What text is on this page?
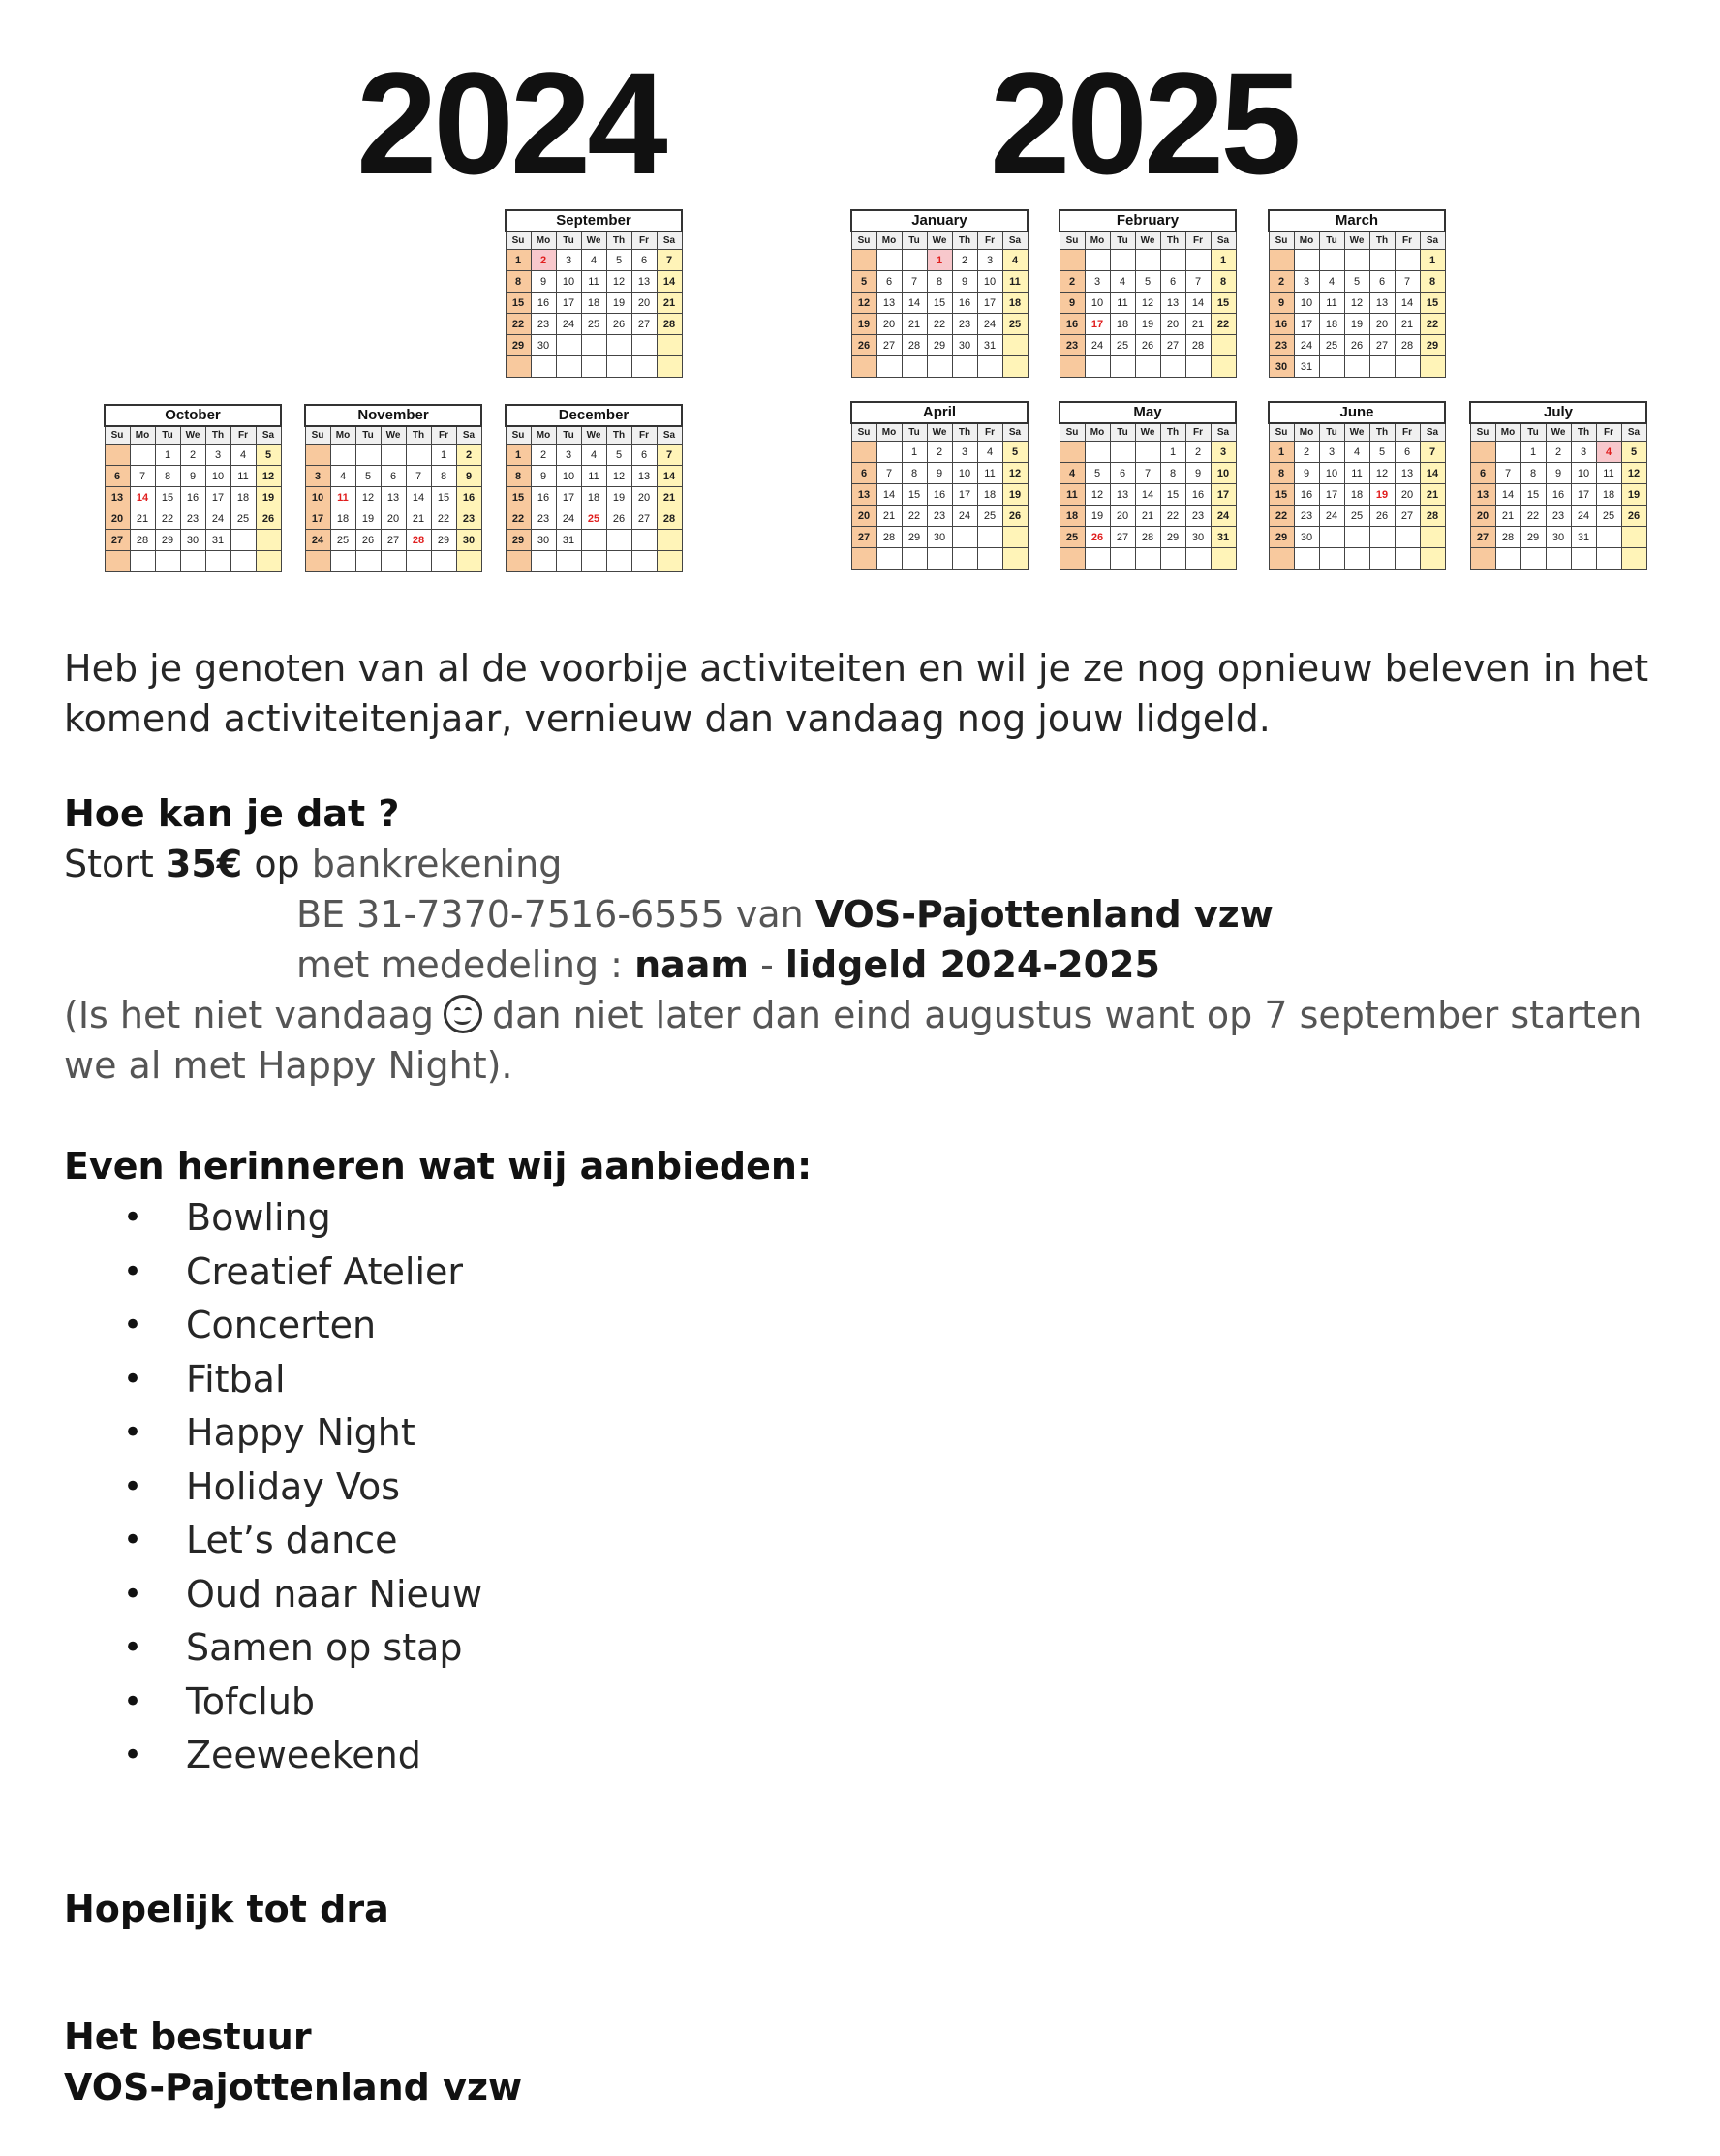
2024 2025
September						
Su	Mo	Tu	We	Th	Fr	Sa
1	2	3	4	5	6	7
8	9	10	11	12	13	14
15	16	17	18	19	20	21
22	23	24	25	26	27	28
29	30					

October						
Su	Mo	Tu	We	Th	Fr	Sa
		1	2	3	4	5
6	7	8	9	10	11	12
13	14	15	16	17	18	19
20	21	22	23	24	25	26
27	28	29	30	31		

November						
Su	Mo	Tu	We	Th	Fr	Sa
					1	2
3	4	5	6	7	8	9
10	11	12	13	14	15	16
17	18	19	20	21	22	23
24	25	26	27	28	29	30

December						
Su	Mo	Tu	We	Th	Fr	Sa
1	2	3	4	5	6	7
8	9	10	11	12	13	14
15	16	17	18	19	20	21
22	23	24	25	26	27	28
29	30	31				

January						
Su	Mo	Tu	We	Th	Fr	Sa
			1	2	3	4
5	6	7	8	9	10	11
12	13	14	15	16	17	18
19	20	21	22	23	24	25
26	27	28	29	30	31	

February						
Su	Mo	Tu	We	Th	Fr	Sa
						1
2	3	4	5	6	7	8
9	10	11	12	13	14	15
16	17	18	19	20	21	22
23	24	25	26	27	28	

March						
Su	Mo	Tu	We	Th	Fr	Sa
						1
2	3	4	5	6	7	8
9	10	11	12	13	14	15
16	17	18	19	20	21	22
23	24	25	26	27	28	29
30	31					
April						
Su	Mo	Tu	We	Th	Fr	Sa
		1	2	3	4	5
6	7	8	9	10	11	12
13	14	15	16	17	18	19
20	21	22	23	24	25	26
27	28	29	30			

May						
Su	Mo	Tu	We	Th	Fr	Sa
				1	2	3
4	5	6	7	8	9	10
11	12	13	14	15	16	17
18	19	20	21	22	23	24
25	26	27	28	29	30	31

June						
Su	Mo	Tu	We	Th	Fr	Sa
1	2	3	4	5	6	7
8	9	10	11	12	13	14
15	16	17	18	19	20	21
22	23	24	25	26	27	28
29	30					

July						
Su	Mo	Tu	We	Th	Fr	Sa
		1	2	3	4	5
6	7	8	9	10	11	12
13	14	15	16	17	18	19
20	21	22	23	24	25	26
27	28	29	30	31		

Heb je genoten van al de voorbije activiteiten en wil je ze nog opnieuw beleven in het
komend activiteitenjaar, vernieuw dan vandaag nog jouw lidgeld.
Hoe kan je dat ?
Stort 35€ op bankrekening
BE 31-7370-7516-6555 van VOS-Pajottenland vzw
met mededeling : naam - lidgeld 2024-2025
(Is het niet vandaag dan niet later dan eind augustus want op 7 september starten
we al met Happy Night).
Even herinneren wat wij aanbieden:
• Bowling
• Creatief Atelier
• Concerten
• Fitbal
• Happy Night
• Holiday Vos
• Let’s dance
• Oud naar Nieuw
• Samen op stap
• Tofclub
• Zeeweekend
Hopelijk tot dra
Het bestuur
VOS-Pajottenland vzw
